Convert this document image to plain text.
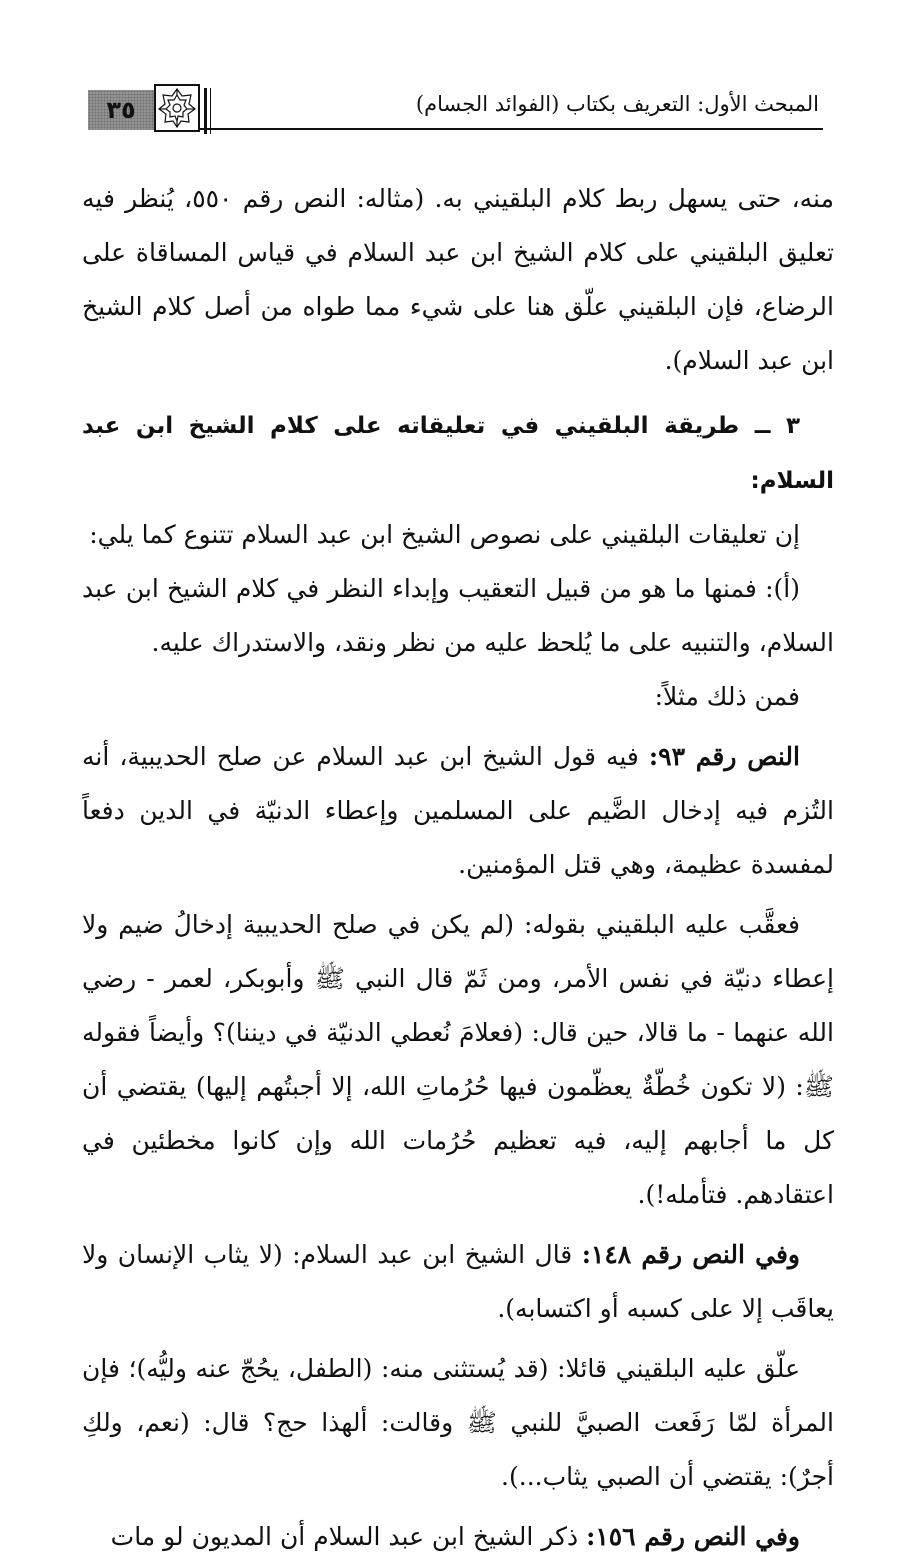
٣٥	المبحث الأول: التعريف بكتاب (الفوائد الجسام)

منه، حتى يسهل ربط كلام البلقيني به. (مثاله: النص رقم ٥٥٠، يُنظر فيه تعليق البلقيني على كلام الشيخ ابن عبد السلام في قياس المساقاة على الرضاع، فإن البلقيني علّق هنا على شيء مما طواه من أصل كلام الشيخ ابن عبد السلام).

٣ ــ طريقة البلقيني في تعليقاته على كلام الشيخ ابن عبد السلام:

إن تعليقات البلقيني على نصوص الشيخ ابن عبد السلام تتنوع كما يلي:

(أ): فمنها ما هو من قبيل التعقيب وإبداء النظر في كلام الشيخ ابن عبد السلام، والتنبيه على ما يُلحظ عليه من نظر ونقد، والاستدراك عليه.

فمن ذلك مثلاً:

النص رقم ٩٣: فيه قول الشيخ ابن عبد السلام عن صلح الحديبية، أنه التُزم فيه إدخال الضَّيم على المسلمين وإعطاء الدنيّة في الدين دفعاً لمفسدة عظيمة، وهي قتل المؤمنين.

فعقَّب عليه البلقيني بقوله: (لم يكن في صلح الحديبية إدخالُ ضيم ولا إعطاء دنيّة في نفس الأمر، ومن ثَمّ قال النبي ﷺ وأبوبكر، لعمر - رضي الله عنهما - ما قالا، حين قال: (فعلامَ نُعطي الدنيّة في ديننا)؟ وأيضاً فقوله ﷺ: (لا تكون خُطّةٌ يعظّمون فيها حُرُماتِ الله، إلا أجبتُهم إليها) يقتضي أن كل ما أجابهم إليه، فيه تعظيم حُرُمات الله وإن كانوا مخطئين في اعتقادهم. فتأمله!).

وفي النص رقم ١٤٨: قال الشيخ ابن عبد السلام: (لا يثاب الإنسان ولا يعاقَب إلا على كسبه أو اكتسابه).

علّق عليه البلقيني قائلا: (قد يُستثنى منه: (الطفل، يحُجّ عنه وليُّه)؛ فإن المرأة لمّا رَفَعت الصبيَّ للنبي ﷺ وقالت: ألهذا حج؟ قال: (نعم، ولكِ أجرٌ): يقتضي أن الصبي يثاب...).

وفي النص رقم ١٥٦: ذكر الشيخ ابن عبد السلام أن المديون لو مات
